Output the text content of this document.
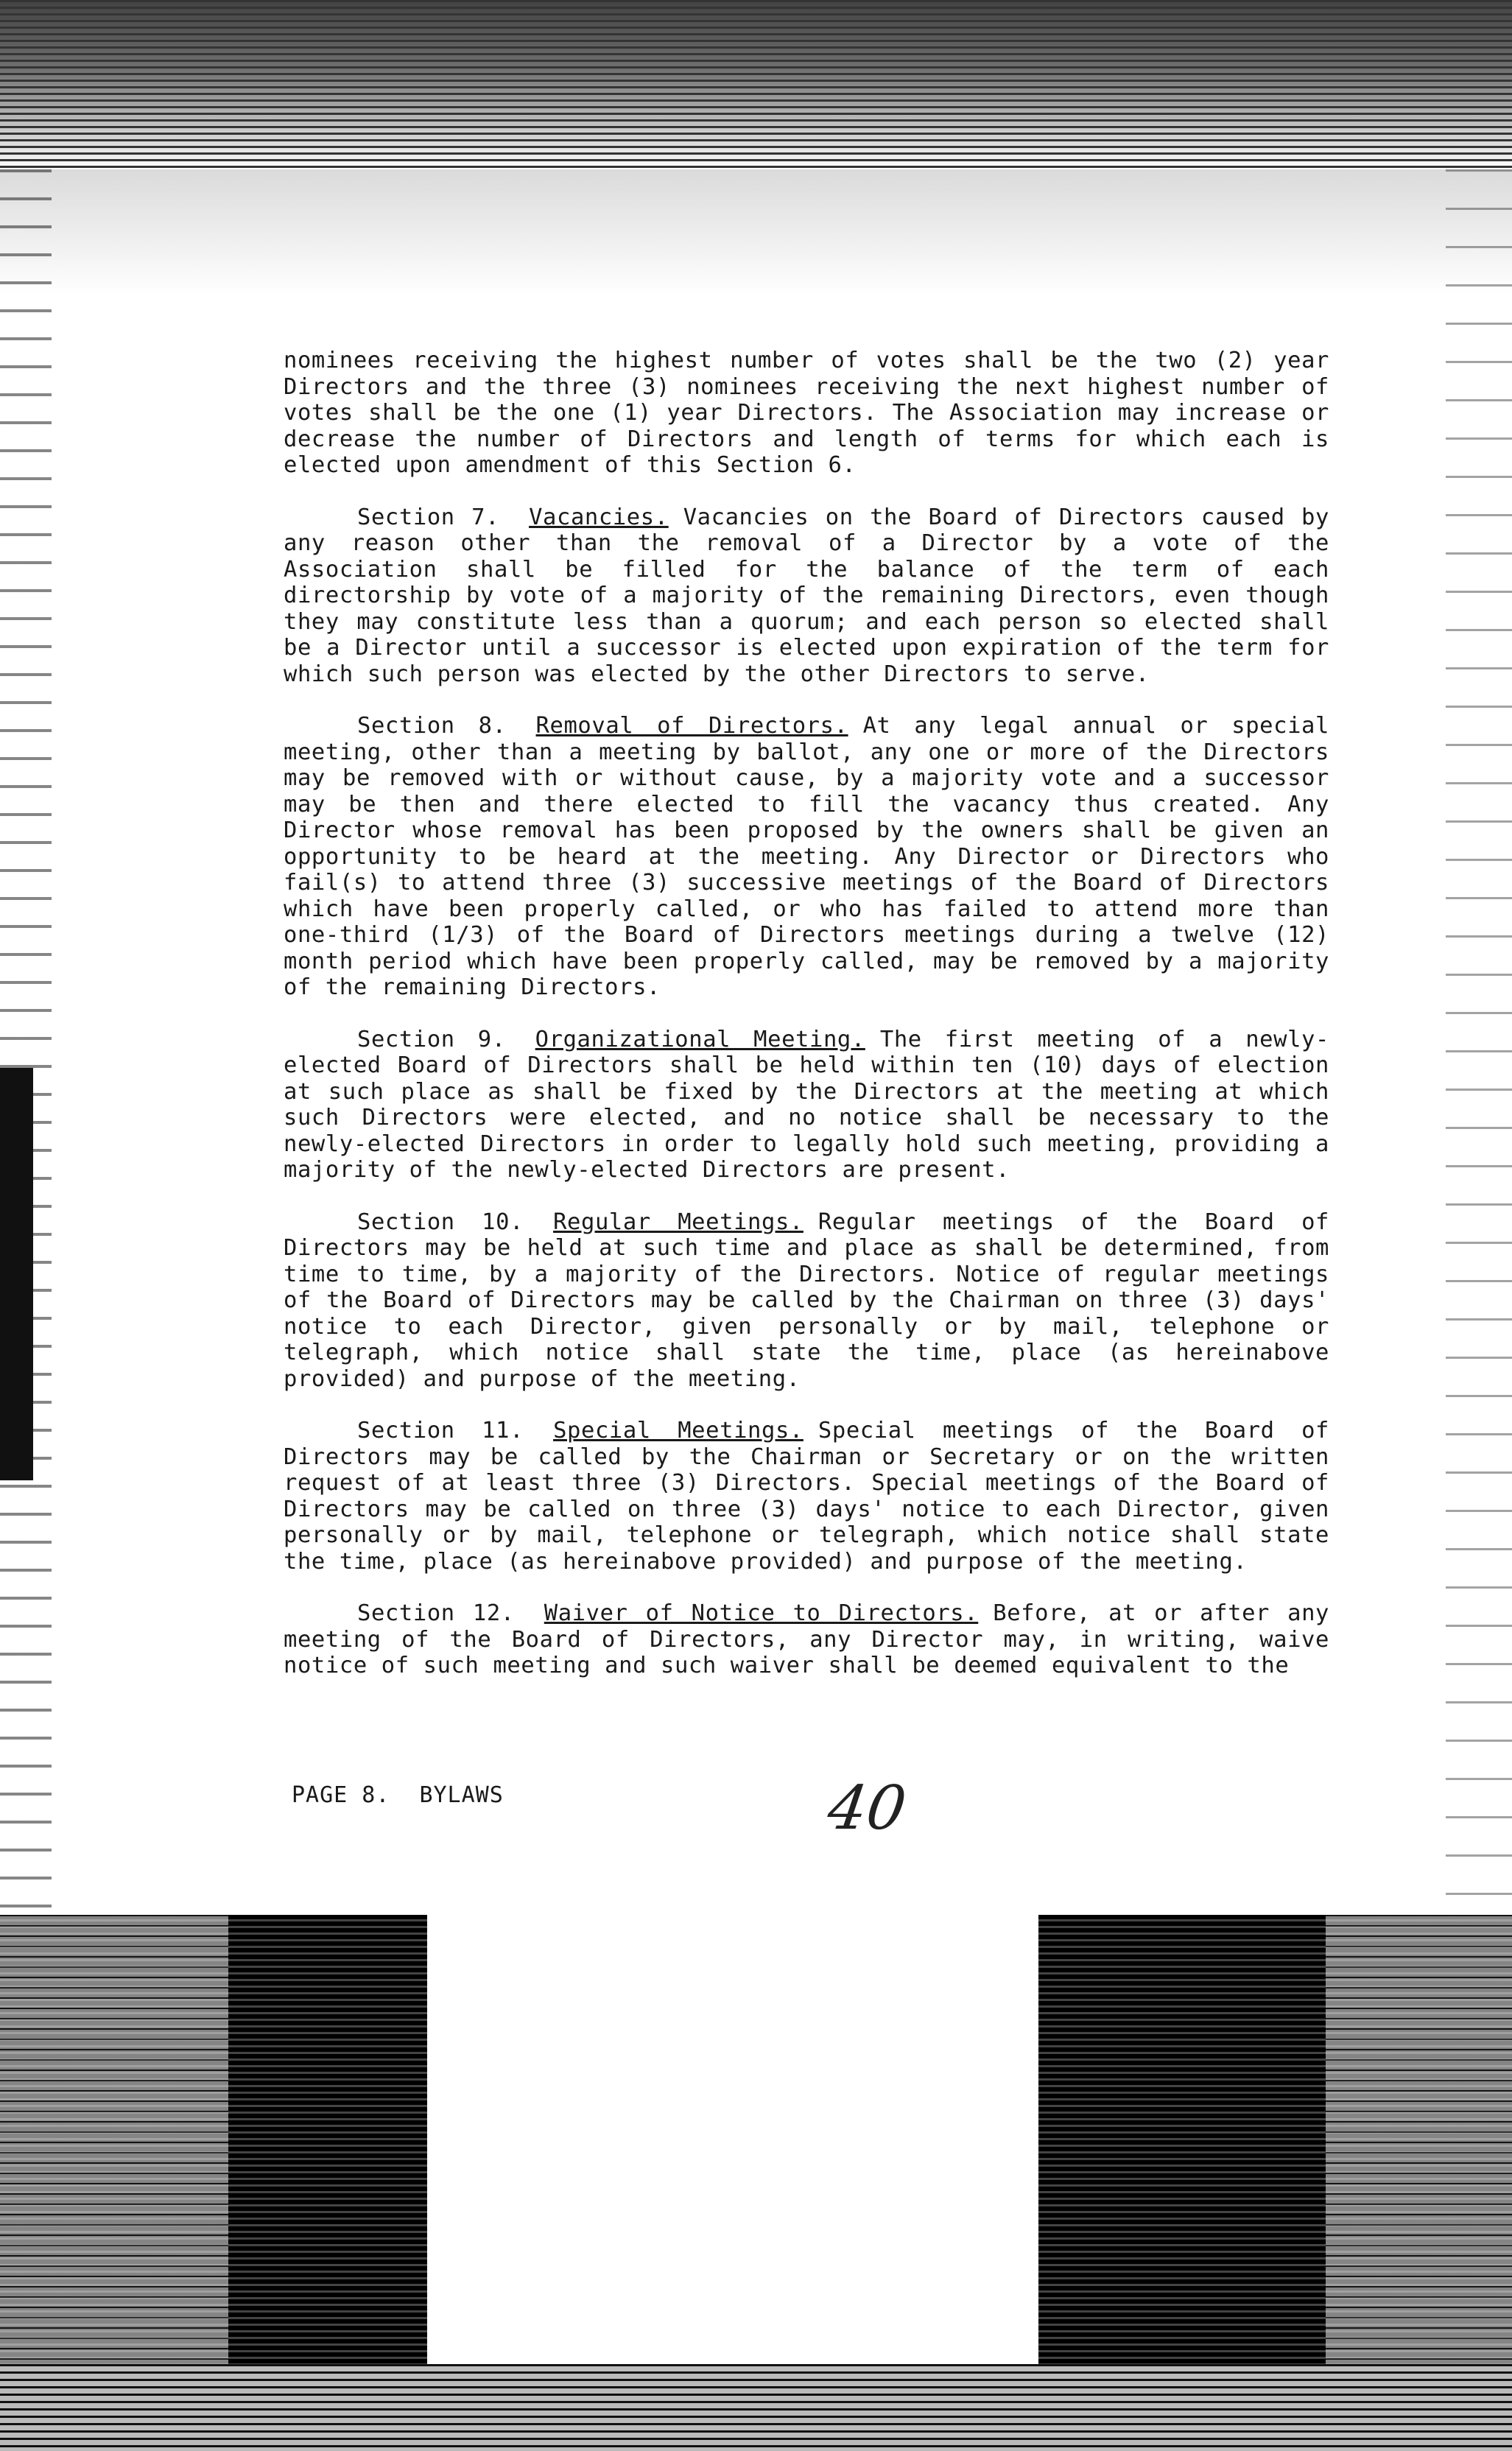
nominees receiving the highest number of votes shall be the two (2) year Directors and the three (3) nominees receiving the next highest number of votes shall be the one (1) year Directors. The Association may increase or decrease the number of Directors and length of terms for which each is elected upon amendment of this Section 6.

Section 7. Vacancies. Vacancies on the Board of Directors caused by any reason other than the removal of a Director by a vote of the Association shall be filled for the balance of the term of each directorship by vote of a majority of the remaining Directors, even though they may constitute less than a quorum; and each person so elected shall be a Director until a successor is elected upon expiration of the term for which such person was elected by the other Directors to serve.

Section 8. Removal of Directors. At any legal annual or special meeting, other than a meeting by ballot, any one or more of the Directors may be removed with or without cause, by a majority vote and a successor may be then and there elected to fill the vacancy thus created. Any Director whose removal has been proposed by the owners shall be given an opportunity to be heard at the meeting. Any Director or Directors who fail(s) to attend three (3) successive meetings of the Board of Directors which have been properly called, or who has failed to attend more than one-third (1/3) of the Board of Directors meetings during a twelve (12) month period which have been properly called, may be removed by a majority of the remaining Directors.

Section 9. Organizational Meeting. The first meeting of a newly-elected Board of Directors shall be held within ten (10) days of election at such place as shall be fixed by the Directors at the meeting at which such Directors were elected, and no notice shall be necessary to the newly-elected Directors in order to legally hold such meeting, providing a majority of the newly-elected Directors are present.

Section 10. Regular Meetings. Regular meetings of the Board of Directors may be held at such time and place as shall be determined, from time to time, by a majority of the Directors. Notice of regular meetings of the Board of Directors may be called by the Chairman on three (3) days' notice to each Director, given personally or by mail, telephone or telegraph, which notice shall state the time, place (as hereinabove provided) and purpose of the meeting.

Section 11. Special Meetings. Special meetings of the Board of Directors may be called by the Chairman or Secretary or on the written request of at least three (3) Directors. Special meetings of the Board of Directors may be called on three (3) days' notice to each Director, given personally or by mail, telephone or telegraph, which notice shall state the time, place (as hereinabove provided) and purpose of the meeting.

Section 12. Waiver of Notice to Directors. Before, at or after any meeting of the Board of Directors, any Director may, in writing, waive notice of such meeting and such waiver shall be deemed equivalent to the

PAGE 8. BYLAWS	40
